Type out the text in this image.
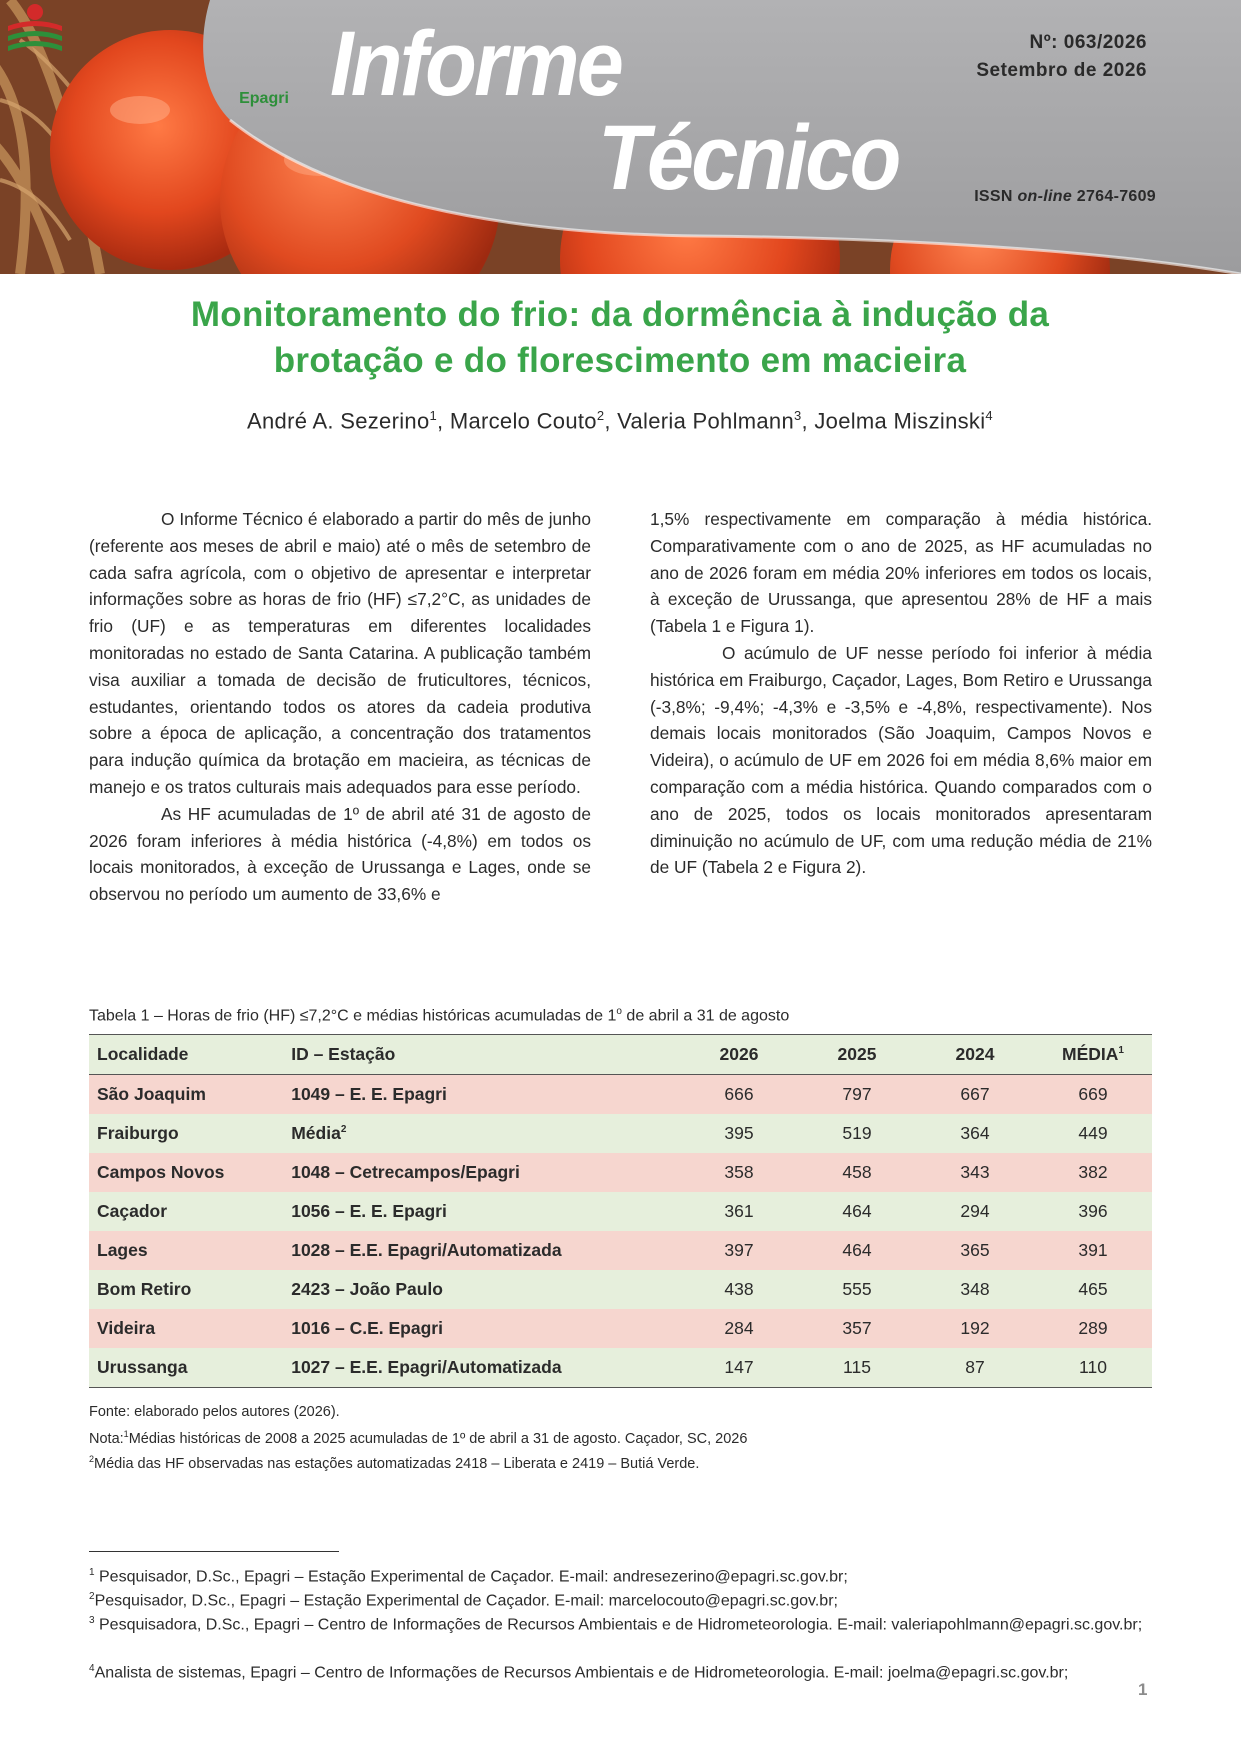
Epagri Informe
Técnico
Nº: 063/2026
Setembro de 2026
ISSN on-line 2764-7609
Monitoramento do frio: da dormência à indução da
brotação e do florescimento em macieira
André A. Sezerino$^1$, Marcelo Couto$^2$, Valeria Pohlmann$^3$, Joelma Miszinski$^4$

O Informe Técnico é elaborado a partir do mês de junho (referente aos meses de abril e maio) até o mês de setembro de cada safra agrícola, com o objetivo de apresentar e interpretar informações sobre as horas de frio (HF) ≤7,2°C, as unidades de frio (UF) e as temperaturas em diferentes localidades monitoradas no estado de Santa Catarina. A publicação também visa auxiliar a tomada de decisão de fruticultores, técnicos, estudantes, orientando todos os atores da cadeia produtiva sobre a época de aplicação, a concentração dos tratamentos para indução química da brotação em macieira, as técnicas de manejo e os tratos culturais mais adequados para esse período.

As HF acumuladas de 1º de abril até 31 de agosto de 2026 foram inferiores à média histórica (-4,8%) em todos os locais monitorados, à exceção de Urussanga e Lages, onde se observou no período um aumento de 33,6% e

1,5% respectivamente em comparação à média histórica. Comparativamente com o ano de 2025, as HF acumuladas no ano de 2026 foram em média 20% inferiores em todos os locais, à exceção de Urussanga, que apresentou 28% de HF a mais (Tabela 1 e Figura 1).

O acúmulo de UF nesse período foi inferior à média histórica em Fraiburgo, Caçador, Lages, Bom Retiro e Urussanga (-3,8%; -9,4%; -4,3% e -3,5% e -4,8%, respectivamente). Nos demais locais monitorados (São Joaquim, Campos Novos e Videira), o acúmulo de UF em 2026 foi em média 8,6% maior em comparação com a média histórica. Quando comparados com o ano de 2025, todos os locais monitorados apresentaram diminuição no acúmulo de UF, com uma redução média de 21% de UF (Tabela 2 e Figura 2).

Tabela 1 – Horas de frio (HF) ≤7,2°C e médias históricas acumuladas de 1$^o$ de abril a 31 de agosto
Localidade	ID – Estação	2026	2025	2024	MÉDIA$^1$
São Joaquim	1049 – E. E. Epagri	666	797	667	669
Fraiburgo	Média$^2$	395	519	364	449
Campos Novos	1048 – Cetrecampos/Epagri	358	458	343	382
Caçador	1056 – E. E. Epagri	361	464	294	396
Lages	1028 – E.E. Epagri/Automatizada	397	464	365	391
Bom Retiro	2423 – João Paulo	438	555	348	465
Videira	1016 – C.E. Epagri	284	357	192	289
Urussanga	1027 – E.E. Epagri/Automatizada	147	115	87	110
Fonte: elaborado pelos autores (2026).
Nota:$^1$Médias históricas de 2008 a 2025 acumuladas de 1º de abril a 31 de agosto. Caçador, SC, 2026
$^2$Média das HF observadas nas estações automatizadas 2418 – Liberata e 2419 – Butiá Verde.
$^1$ Pesquisador, D.Sc., Epagri – Estação Experimental de Caçador. E-mail: andresezerino@epagri.sc.gov.br;
$^2$Pesquisador, D.Sc., Epagri – Estação Experimental de Caçador. E-mail: marcelocouto@epagri.sc.gov.br;
$^3$ Pesquisadora, D.Sc., Epagri – Centro de Informações de Recursos Ambientais e de Hidrometeorologia. E-mail: valeriapohlmann@epagri.sc.gov.br;
$^4$Analista de sistemas, Epagri – Centro de Informações de Recursos Ambientais e de Hidrometeorologia. E-mail: joelma@epagri.sc.gov.br;
1
